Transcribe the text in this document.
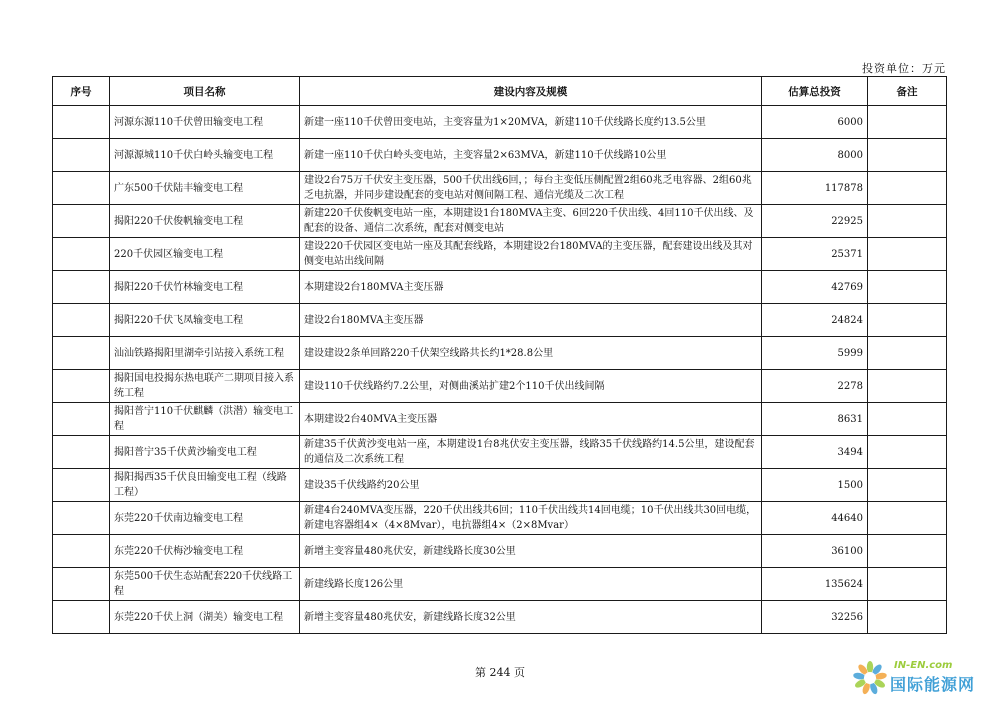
投资单位：万元
序号	项目名称	建设内容及规模	估算总投资	备注
	河源东源110千伏曾田输变电工程	新建一座110千伏曾田变电站，主变容量为1×20MVA，新建110千伏线路长度约13.5公里	6000	
	河源源城110千伏白岭头输变电工程	新建一座110千伏白岭头变电站，主变容量2×63MVA，新建110千伏线路10公里	8000	
	广东500千伏陆丰输变电工程	建设2台75万千伏安主变压器，500千伏出线6回，；每台主变低压侧配置2组60兆乏电容器、2组60兆乏电抗器，并同步建设配套的变电站对侧间隔工程、通信光缆及二次工程	117878	
	揭阳220千伏俊帆输变电工程	新建220千伏俊帆变电站一座，本期建设1台180MVA主变、6回220千伏出线、4回110千伏出线、及配套的设备、通信二次系统，配套对侧变电站	22925	
	220千伏园区输变电工程	建设220千伏园区变电站一座及其配套线路，本期建设2台180MVA的主变压器，配套建设出线及其对侧变电站出线间隔	25371	
	揭阳220千伏竹林输变电工程	本期建设2台180MVA主变压器	42769	
	揭阳220千伏飞凤输变电工程	建设2台180MVA主变压器	24824	
	汕汕铁路揭阳里湖牵引站接入系统工程	建设建设2条单回路220千伏架空线路共长约1*28.8公里	5999	
	揭阳国电投揭东热电联产二期项目接入系统工程	建设110千伏线路约7.2公里，对侧曲溪站扩建2个110千伏出线间隔	2278	
	揭阳普宁110千伏麒麟（洪潜）输变电工程	本期建设2台40MVA主变压器	8631	
	揭阳普宁35千伏黄沙输变电工程	新建35千伏黄沙变电站一座，本期建设1台8兆伏安主变压器，线路35千伏线路约14.5公里，建设配套的通信及二次系统工程	3494	
	揭阳揭西35千伏良田输变电工程（线路工程）	建设35千伏线路约20公里	1500	
	东莞220千伏南边输变电工程	新建4台240MVA变压器，220千伏出线共6回；110千伏出线共14回电缆；10千伏出线共30回电缆，新建电容器组4×（4×8Mvar），电抗器组4×（2×8Mvar）	44640	
	东莞220千伏梅沙输变电工程	新增主变容量480兆伏安，新建线路长度30公里	36100	
	东莞500千伏生态站配套220千伏线路工程	新建线路长度126公里	135624	
	东莞220千伏上洞（湖美）输变电工程	新增主变容量480兆伏安，新建线路长度32公里	32256	
第 244 页
IN-EN.com
国际能源网
